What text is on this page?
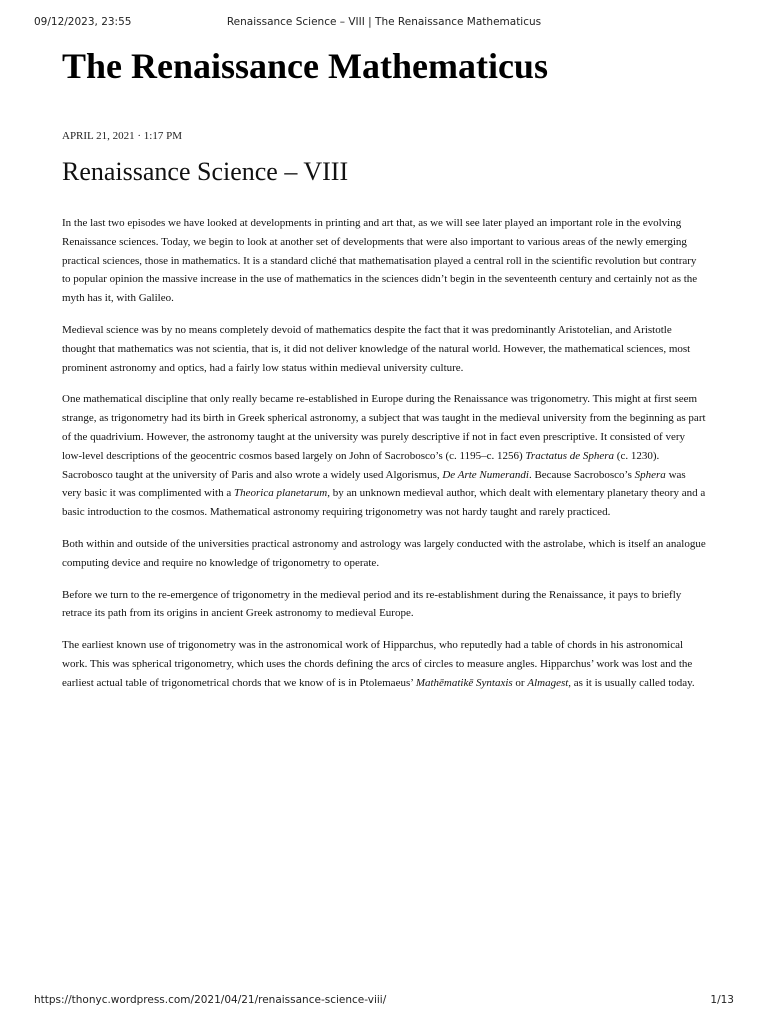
09/12/2023, 23:55	Renaissance Science – VIII | The Renaissance Mathematicus
The Renaissance Mathematicus
APRIL 21, 2021 · 1:17 PM
Renaissance Science – VIII

In the last two episodes we have looked at developments in printing and art that, as we will see later played an important role in the evolving Renaissance sciences. Today, we begin to look at another set of developments that were also important to various areas of the newly emerging practical sciences, those in mathematics. It is a standard cliché that mathematisation played a central roll in the scientific revolution but contrary to popular opinion the massive increase in the use of mathematics in the sciences didn’t begin in the seventeenth century and certainly not as the myth has it, with Galileo.

Medieval science was by no means completely devoid of mathematics despite the fact that it was predominantly Aristotelian, and Aristotle thought that mathematics was not scientia, that is, it did not deliver knowledge of the natural world. However, the mathematical sciences, most prominent astronomy and optics, had a fairly low status within medieval university culture.

One mathematical discipline that only really became re-established in Europe during the Renaissance was trigonometry. This might at first seem strange, as trigonometry had its birth in Greek spherical astronomy, a subject that was taught in the medieval university from the beginning as part of the quadrivium. However, the astronomy taught at the university was purely descriptive if not in fact even prescriptive. It consisted of very low-level descriptions of the geocentric cosmos based largely on John of Sacrobosco’s (c. 1195–c. 1256) Tractatus de Sphera (c. 1230). Sacrobosco taught at the university of Paris and also wrote a widely used Algorismus, De Arte Numerandi. Because Sacrobosco’s Sphera was very basic it was complimented with a Theorica planetarum, by an unknown medieval author, which dealt with elementary planetary theory and a basic introduction to the cosmos. Mathematical astronomy requiring trigonometry was not hardy taught and rarely practiced.

Both within and outside of the universities practical astronomy and astrology was largely conducted with the astrolabe, which is itself an analogue computing device and require no knowledge of trigonometry to operate.

Before we turn to the re-emergence of trigonometry in the medieval period and its re-establishment during the Renaissance, it pays to briefly retrace its path from its origins in ancient Greek astronomy to medieval Europe.

The earliest known use of trigonometry was in the astronomical work of Hipparchus, who reputedly had a table of chords in his astronomical work. This was spherical trigonometry, which uses the chords defining the arcs of circles to measure angles. Hipparchus’ work was lost and the earliest actual table of trigonometrical chords that we know of is in Ptolemaeus’ Mathēmatikē Syntaxis or Almagest, as it is usually called today.

https://thonyc.wordpress.com/2021/04/21/renaissance-science-viii/	1/13
